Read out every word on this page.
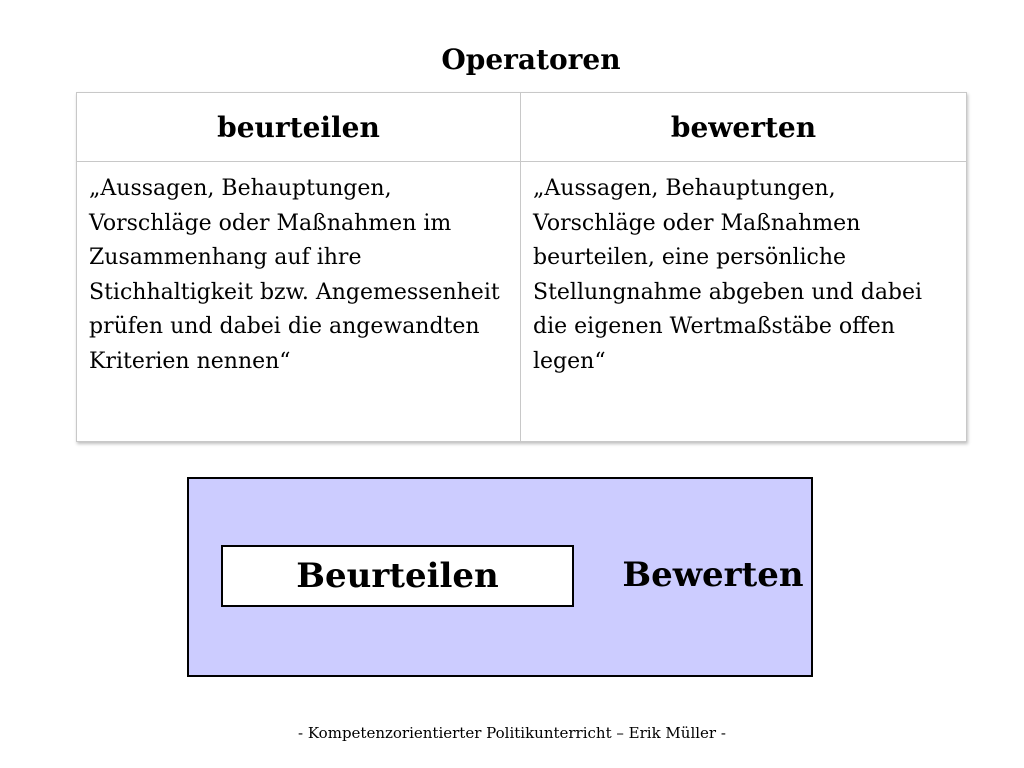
Operatoren
beurteilen	bewerten
„Aussagen, Behauptungen, Vorschläge oder Maßnahmen im Zusammenhang auf ihre Stichhaltigkeit bzw. Angemessenheit prüfen und dabei die angewandten Kriterien nennen“	„Aussagen, Behauptungen, Vorschläge oder Maßnahmen beurteilen, eine persönliche Stellungnahme abgeben und dabei die eigenen Wertmaßstäbe offen legen“
Beurteilen	Bewerten
- Kompetenzorientierter Politikunterricht – Erik Müller -
